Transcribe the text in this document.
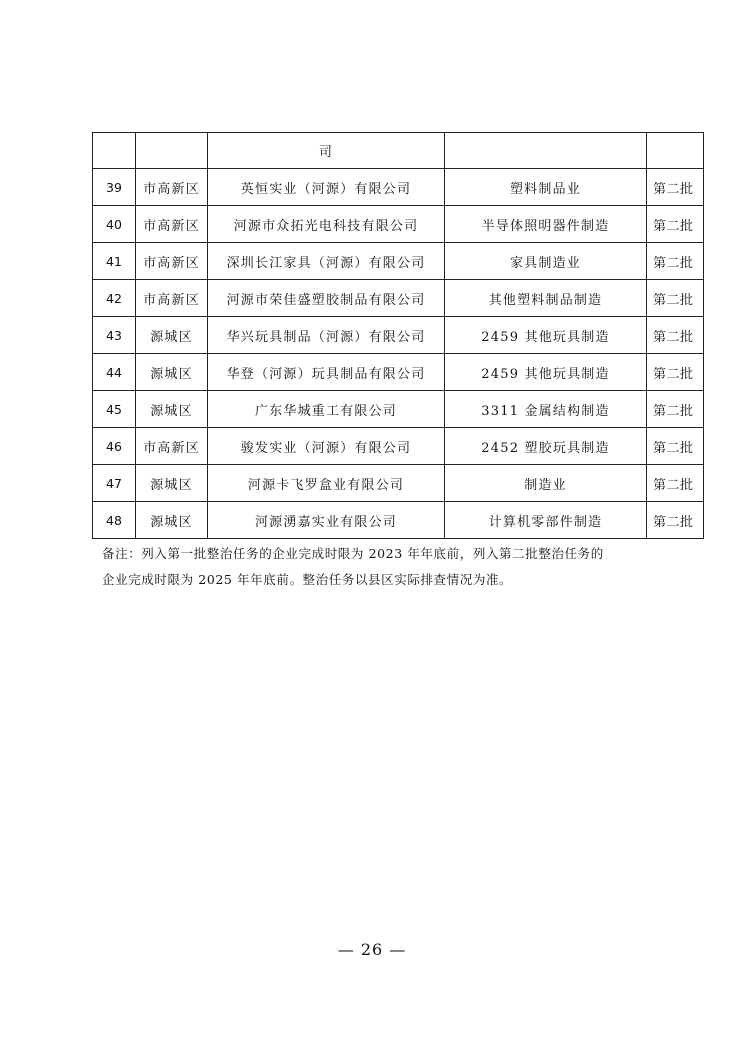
		司		
39	市高新区	英恒实业（河源）有限公司	塑料制品业	第二批
40	市高新区	河源市众拓光电科技有限公司	半导体照明器件制造	第二批
41	市高新区	深圳长江家具（河源）有限公司	家具制造业	第二批
42	市高新区	河源市荣佳盛塑胶制品有限公司	其他塑料制品制造	第二批
43	源城区	华兴玩具制品（河源）有限公司	2459 其他玩具制造	第二批
44	源城区	华登（河源）玩具制品有限公司	2459 其他玩具制造	第二批
45	源城区	广东华城重工有限公司	3311 金属结构制造	第二批
46	市高新区	骏发实业（河源）有限公司	2452 塑胶玩具制造	第二批
47	源城区	河源卡飞罗盒业有限公司	制造业	第二批
48	源城区	河源湧嘉实业有限公司	计算机零部件制造	第二批
备注：列入第一批整治任务的企业完成时限为 2023 年年底前，列入第二批整治任务的
企业完成时限为 2025 年年底前。整治任务以县区实际排查情况为准。
— 26 —
